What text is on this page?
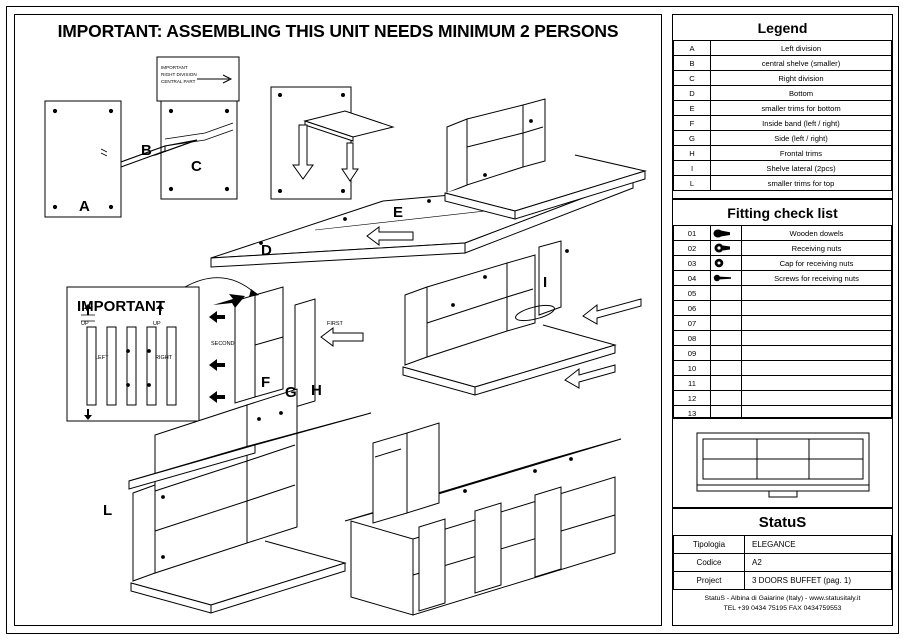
IMPORTANT: ASSEMBLING THIS UNIT NEEDS MINIMUM 2 PERSONS
A
B
C
D
E
F
G H
I
L
IMPORTANT
RIGHT DIVISION
CENTRAL PART
IMPORTANT
UP	UP
LEFT	RIGHT
SECOND
FIRST
Legend
A	Left division
B	central shelve (smaller)
C	Right division
D	Bottom
E	smaller trims for bottom
F	Inside band (left / right)
G	Side (left / right)
H	Frontal trims
I	Shelve lateral (2pcs)
L	smaller trims for top
Fitting check list
01		Wooden dowels
02		Receiving nuts
03		Cap for receiving nuts
04		Screws for receiving nuts
05		
06		
07		
08		
09		
10		
11		
12		
13		
StatuS
Tipologia	ELEGANCE
Codice	A2
Project	3 DOORS BUFFET (pag. 1)
StatuS - Albina di Gaiarine (Italy) - www.statusitaly.it
TEL +39 0434 75195 FAX 0434759553
